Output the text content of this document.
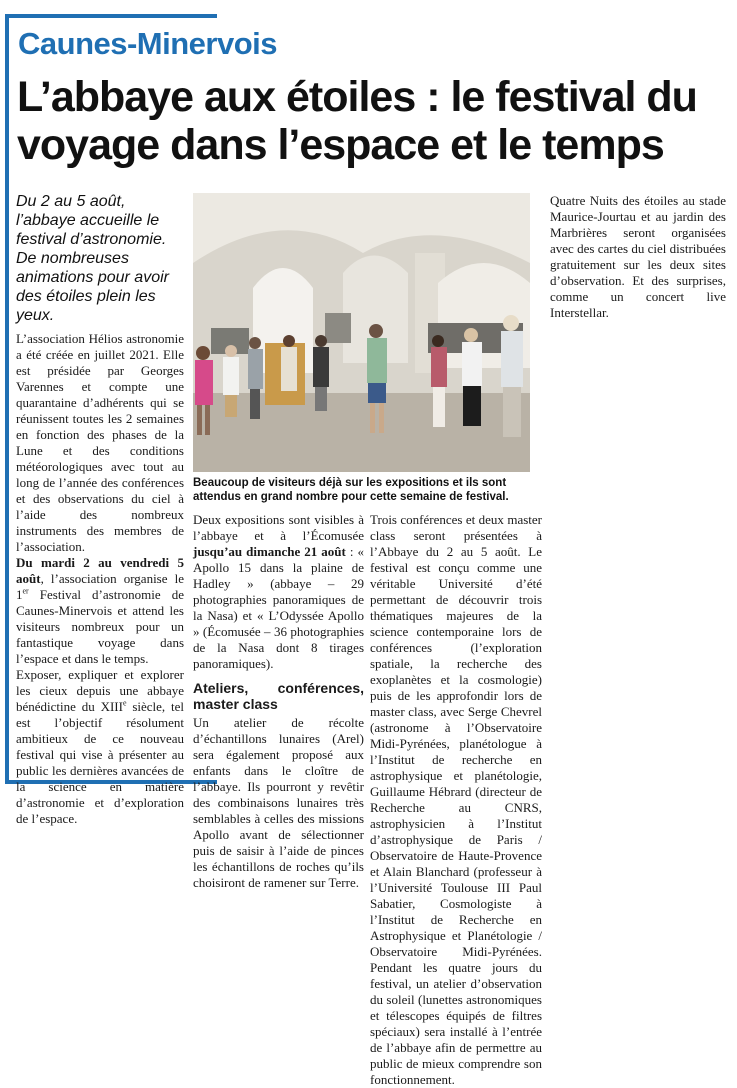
Caunes-Minervois
L’abbaye aux étoiles : le festival du voyage dans l’espace et le temps
Du 2 au 5 août, l’abbaye accueille le festival d’astronomie. De nombreuses animations pour avoir des étoiles plein les yeux.
Beaucoup de visiteurs déjà sur les expositions et ils sont attendus en grand nombre pour cette semaine de festival.

L’association Hélios astronomie a été créée en juillet 2021. Elle est présidée par Georges Varennes et compte une quarantaine d’adhérents qui se réunissent toutes les 2 semaines en fonction des phases de la Lune et des conditions météorologiques avec tout au long de l’année des conférences et des observations du ciel à l’aide des nombreux instruments des membres de l’association.

Du mardi 2 au vendredi 5 août, l’association organise le 1er Festival d’astronomie de Caunes-Minervois et attend les visiteurs nombreux pour un fantastique voyage dans l’espace et dans le temps.

Exposer, expliquer et explorer les cieux depuis une abbaye bénédictine du XIIIe siècle, tel est l’objectif résolument ambitieux de ce nouveau festival qui vise à présenter au public les dernières avancées de la science en matière d’astronomie et d’exploration de l’espace.

Deux expositions sont visibles à l’abbaye et à l’Écomusée jusqu’au dimanche 21 août : « Apollo 15 dans la plaine de Hadley » (abbaye – 29 photographies panoramiques de la Nasa) et « L’Odyssée Apollo » (Écomusée – 36 photographies de la Nasa dont 8 tirages panoramiques).

Ateliers, conférences, master class

Un atelier de récolte d’échantillons lunaires (Arel) sera également proposé aux enfants dans le cloître de l’abbaye. Ils pourront y revêtir des combinaisons lunaires très semblables à celles des missions Apollo avant de sélectionner puis de saisir à l’aide de pinces les échantillons de roches qu’ils choisiront de ramener sur Terre.

Trois conférences et deux master class seront présentées à l’Abbaye du 2 au 5 août. Le festival est conçu comme une véritable Université d’été permettant de découvrir trois thématiques majeures de la science contemporaine lors de conférences (l’exploration spatiale, la recherche des exoplanètes et la cosmologie) puis de les approfondir lors de master class, avec Serge Chevrel (astronome à l’Observatoire Midi-Pyrénées, planétologue à l’Institut de recherche en astrophysique et planétologie, Guillaume Hébrard (directeur de Recherche au CNRS, astrophysicien à l’Institut d’astrophysique de Paris / Observatoire de Haute-Provence et Alain Blanchard (professeur à l’Université Toulouse III Paul Sabatier, Cosmologiste à l’Institut de Recherche en Astrophysique et Planétologie / Observatoire Midi-Pyrénées. Pendant les quatre jours du festival, un atelier d’observation du soleil (lunettes astronomiques et télescopes équipés de filtres spéciaux) sera installé à l’entrée de l’abbaye afin de permettre au public de mieux comprendre son fonctionnement.

Quatre Nuits des étoiles au stade Maurice-Jourtau et au jardin des Marbrières seront organisées avec des cartes du ciel distribuées gratuitement sur les deux sites d’observation. Et des surprises, comme un concert live Interstellar.
